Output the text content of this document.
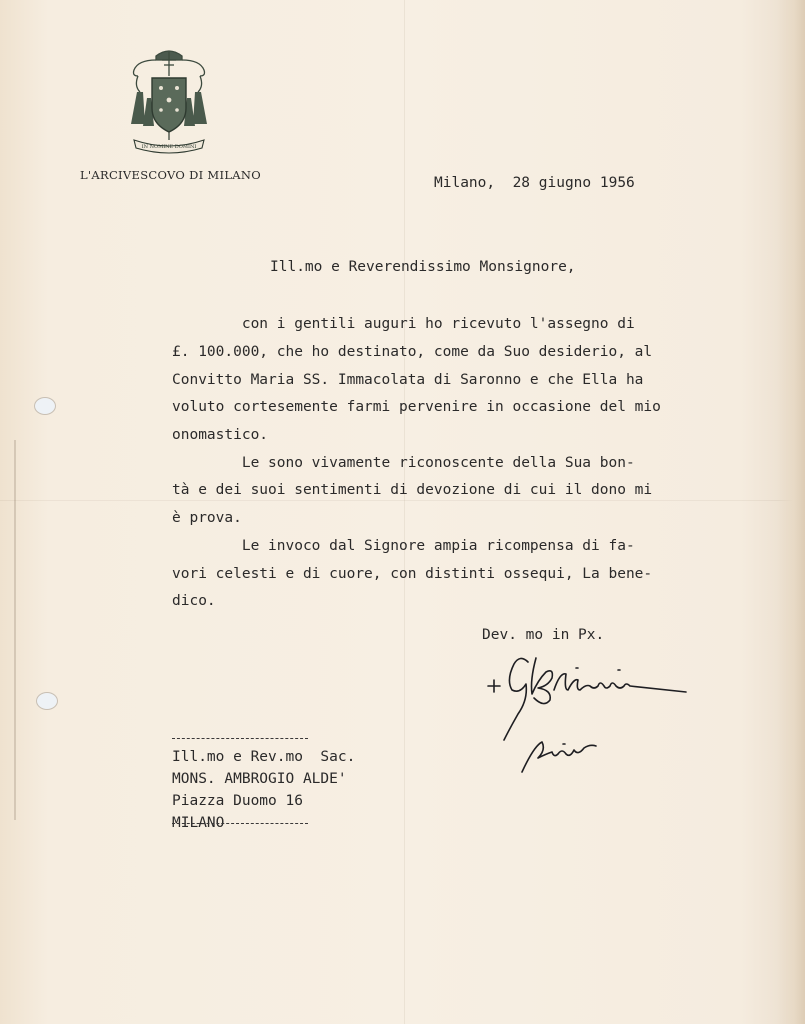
IN NOMINE DOMINI
L'ARCIVESCOVO DI MILANO	Milano,  28 giugno 1956
Ill.mo e Reverendissimo Monsignore,
con i gentili auguri ho ricevuto l'assegno di
£. 100.000, che ho destinato, come da Suo desiderio, al
Convitto Maria SS. Immacolata di Saronno e che Ella ha
voluto cortesemente farmi pervenire in occasione del mio
onomastico.
Le sono vivamente riconoscente della Sua bon-
tà e dei suoi sentimenti di devozione di cui il dono mi
è prova.
Le invoco dal Signore ampia ricompensa di fa-
vori celesti e di cuore, con distinti ossequi, La bene-
dico.
Dev. mo in Px.
Ill.mo e Rev.mo  Sac.
MONS. AMBROGIO ALDE'
Piazza Duomo 16
MILANO
